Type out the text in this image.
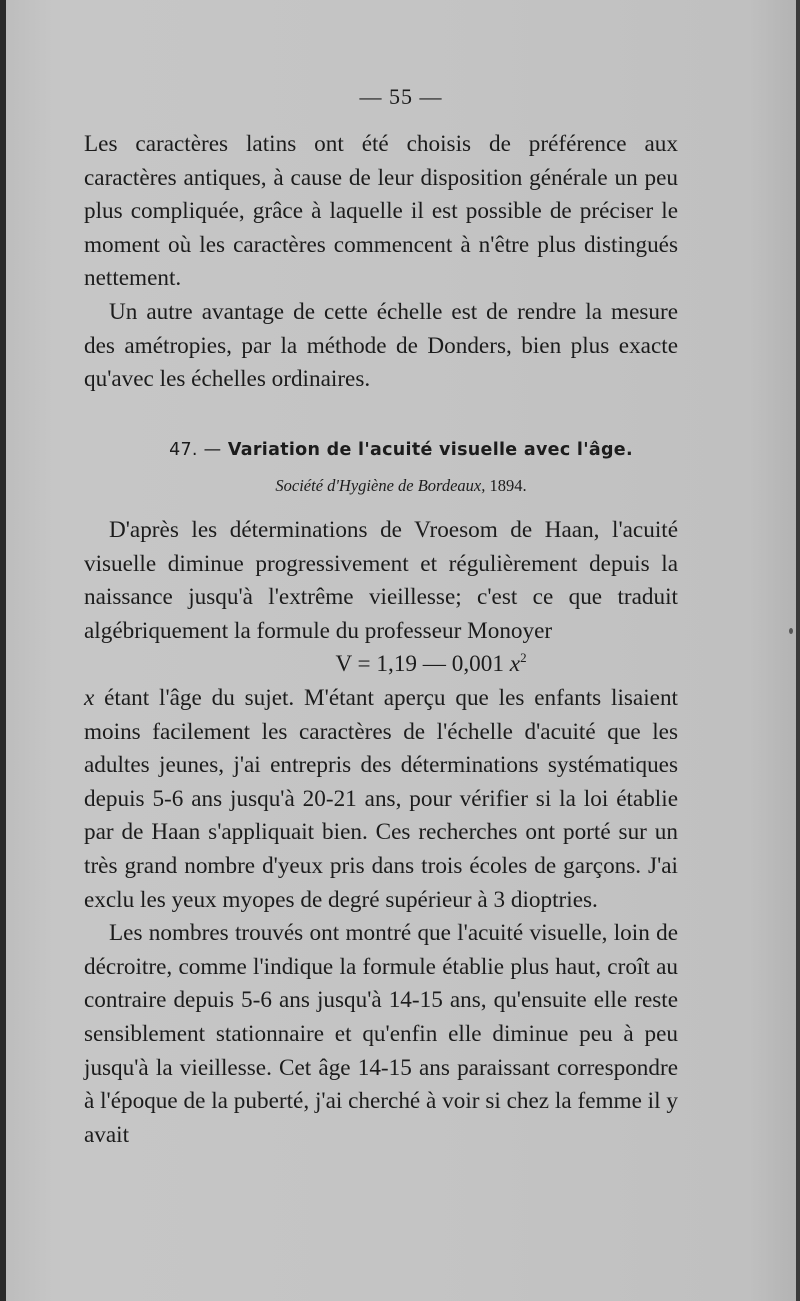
— 55 —

Les caractères latins ont été choisis de préférence aux caractères antiques, à cause de leur disposition générale un peu plus compliquée, grâce à laquelle il est possible de préciser le moment où les caractères commencent à n'être plus distingués nettement.

Un autre avantage de cette échelle est de rendre la mesure des amétropies, par la méthode de Donders, bien plus exacte qu'avec les échelles ordinaires.

47. — Variation de l'acuité visuelle avec l'âge.
Société d'Hygiène de Bordeaux, 1894.

D'après les déterminations de Vroesom de Haan, l'acuité visuelle diminue progressivement et régulièrement depuis la naissance jusqu'à l'extrême vieillesse; c'est ce que traduit algébriquement la formule du professeur Monoyer

V = 1,19 — 0,001 $x^2$

x étant l'âge du sujet. M'étant aperçu que les enfants lisaient moins facilement les caractères de l'échelle d'acuité que les adultes jeunes, j'ai entrepris des déterminations systématiques depuis 5-6 ans jusqu'à 20-21 ans, pour vérifier si la loi établie par de Haan s'appliquait bien. Ces recherches ont porté sur un très grand nombre d'yeux pris dans trois écoles de garçons. J'ai exclu les yeux myopes de degré supérieur à 3 dioptries.

Les nombres trouvés ont montré que l'acuité visuelle, loin de décroitre, comme l'indique la formule établie plus haut, croît au contraire depuis 5-6 ans jusqu'à 14-15 ans, qu'ensuite elle reste sensiblement stationnaire et qu'enfin elle diminue peu à peu jusqu'à la vieillesse. Cet âge 14-15 ans paraissant correspondre à l'époque de la puberté, j'ai cherché à voir si chez la femme il y avait
